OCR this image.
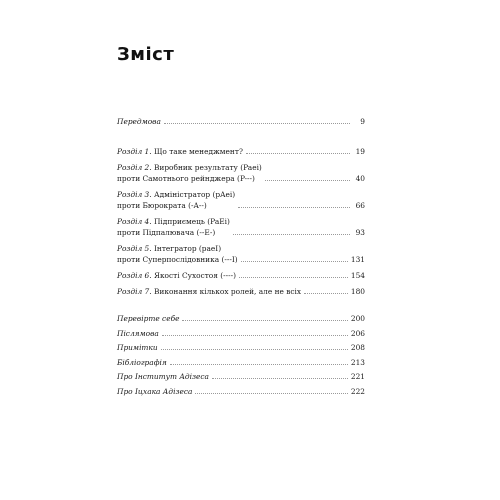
Зміст
Передмова	9
Розділ 1. Що таке менеджмент?	19
Розділ 2. Виробник результату (Paei)
проти Самотнього рейнджера (P---)	40
Розділ 3. Адміністратор (pAei)
проти Бюрократа (-A--)	66
Розділ 4. Підприємець (PaEi)
проти Підпалювача (--E-)	93
Розділ 5. Інтегратор (paeI)
проти Суперпослідовника (---I)	131
Розділ 6. Якості Сухостоя (----)	154
Розділ 7. Виконання кількох ролей, але не всіх	180
Перевірте себе	200
Післямова	206
Примітки	208
Бібліографія	213
Про Інститут Адізеса	221
Про Іцхака Адізеса	222
